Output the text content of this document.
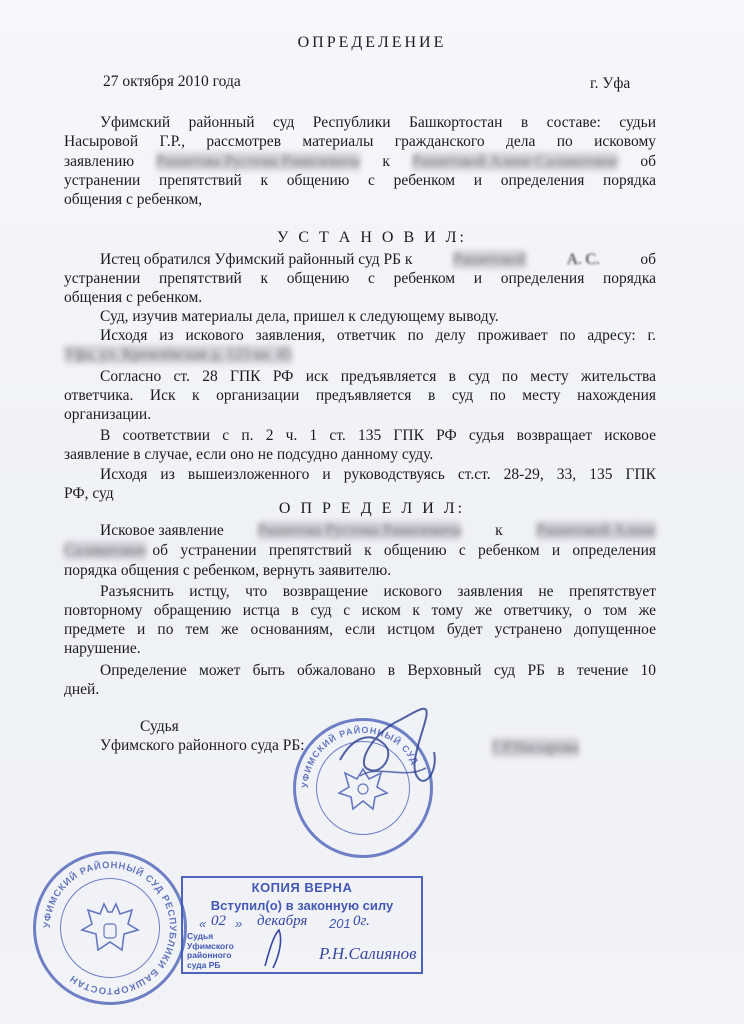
ОПРЕДЕЛЕНИЕ
27 октября 2010 года	г. Уфа
Уфимский районный суд Республики Башкортостан в составе: судьи
Насыровой Г.Р., рассмотрев материалы гражданского дела по исковому
заявлению Рашитова Рустема Рамилевича к Рашитовой Алине Салаватовне об
устранении препятствий к общению с ребенком и определения порядка
общения с ребенком,
У С Т А Н О В И Л:
Истец обратился Уфимский районный суд РБ к	Рашитовой	А. С.	об
устранении препятствий к общению с ребенком и определения порядка
общения с ребенком.
Суд, изучив материалы дела, пришел к следующему выводу.
Исходя из искового заявления, ответчик по делу проживает по адресу: г.
Уфа, ул. Кремлёвская д. 123 кв. 45
Согласно ст. 28 ГПК РФ иск предъявляется в суд по месту жительства
ответчика. Иск к организации предъявляется в суд по месту нахождения
организации.
В соответствии с п. 2 ч. 1 ст. 135 ГПК РФ судья возвращает исковое
заявление в случае, если оно не подсудно данному суду.
Исходя из вышеизложенного и руководствуясь ст.ст. 28-29, 33, 135 ГПК
РФ, суд
О П Р Е Д Е Л И Л:
Исковое заявление Рашитова Рустема Рамилевича к Рашитовой Алине
Салаватовне об устранении препятствий к общению с ребенком и определения
порядка общения с ребенком, вернуть заявителю.
Разъяснить истцу, что возвращение искового заявления не препятствует
повторному обращению истца в суд с иском к тому же ответчику, о том же
предмете и по тем же основаниям, если истцом будет устранено допущенное
нарушение.
Определение может быть обжаловано в Верховный суд РБ в течение 10
дней.
Судья
Уфимского районного суда РБ:	Г.Р.Насырова
УФИМСКИЙ РАЙОННЫЙ СУД
УФИМСКИЙ РАЙОННЫЙ СУД РЕСПУБЛИКИ БАШКОРТОСТАН
КОПИЯ ВЕРНА
Вступил(о) в законную силу
« 02 » декабря 201 0г.
Судья
Уфимского
районного
суда РБ
Р.Н.Салиянов
